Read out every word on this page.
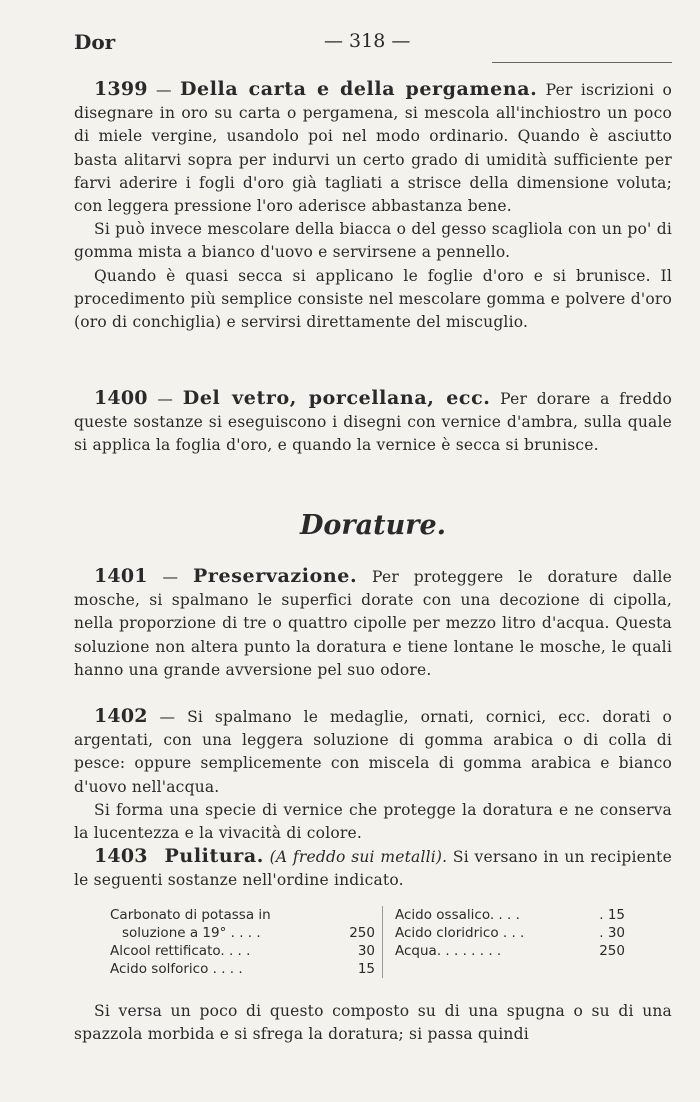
Dor	— 318 —

1399 — Della carta e della pergamena. Per iscrizioni o disegnare in oro su carta o pergamena, si mescola all'inchiostro un poco di miele vergine, usandolo poi nel modo ordinario. Quando è asciutto basta alitarvi sopra per indurvi un certo grado di umidità sufficiente per farvi aderire i fogli d'oro già tagliati a strisce della dimensione voluta; con leggera pressione l'oro aderisce abbastanza bene.

Si può invece mescolare della biacca o del gesso scagliola con un po' di gomma mista a bianco d'uovo e servirsene a pennello.

Quando è quasi secca si applicano le foglie d'oro e si brunisce. Il procedimento più semplice consiste nel mescolare gomma e polvere d'oro (oro di conchiglia) e servirsi direttamente del miscuglio.

1400 — Del vetro, porcellana, ecc. Per dorare a freddo queste sostanze si eseguiscono i disegni con vernice d'ambra, sulla quale si applica la foglia d'oro, e quando la vernice è secca si brunisce.

Dorature.

1401 — Preservazione. Per proteggere le dorature dalle mosche, si spalmano le superfici dorate con una decozione di cipolla, nella proporzione di tre o quattro cipolle per mezzo litro d'acqua. Questa soluzione non altera punto la doratura e tiene lontane le mosche, le quali hanno una grande avversione pel suo odore.

1402 — Si spalmano le medaglie, ornati, cornici, ecc. dorati o argentati, con una leggera soluzione di gomma arabica o di colla di pesce: oppure semplicemente con miscela di gomma arabica e bianco d'uovo nell'acqua.

Si forma una specie di vernice che protegge la doratura e ne conserva la lucentezza e la vivacità di colore.

1403 Pulitura. (A freddo sui metalli). Si versano in un recipiente le seguenti sostanze nell'ordine indicato.

Carbonato di potassa in
soluzione a 19° . . . .	250
Alcool rettificato. . . .	30
Acido solforico . . . .	15
Acido ossalico. . . .	. 15
Acido cloridrico . . .	. 30
Acqua. . . . . . . .	250

Si versa un poco di questo composto su di una spugna o su di una spazzola morbida e si sfrega la doratura; si passa quindi
